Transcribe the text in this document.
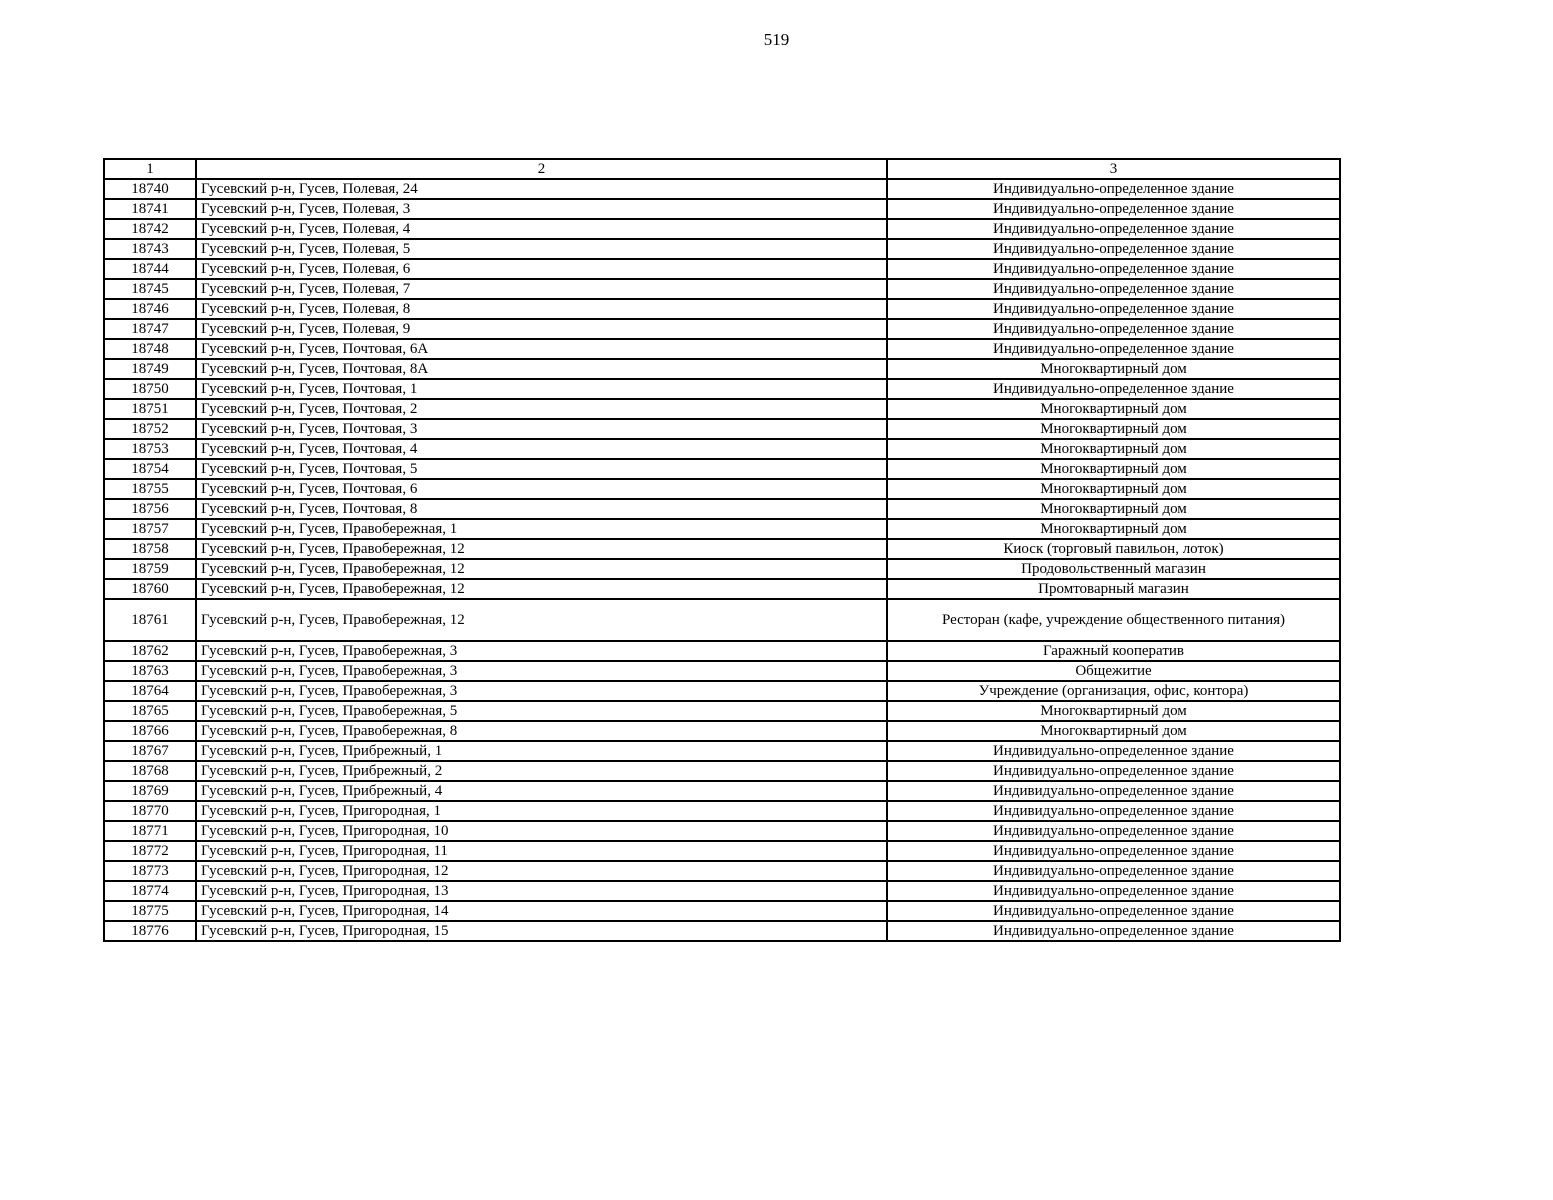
519
1	2	3
18740	Гусевский р-н, Гусев, Полевая, 24	Индивидуально-определенное здание
18741	Гусевский р-н, Гусев, Полевая, 3	Индивидуально-определенное здание
18742	Гусевский р-н, Гусев, Полевая, 4	Индивидуально-определенное здание
18743	Гусевский р-н, Гусев, Полевая, 5	Индивидуально-определенное здание
18744	Гусевский р-н, Гусев, Полевая, 6	Индивидуально-определенное здание
18745	Гусевский р-н, Гусев, Полевая, 7	Индивидуально-определенное здание
18746	Гусевский р-н, Гусев, Полевая, 8	Индивидуально-определенное здание
18747	Гусевский р-н, Гусев, Полевая, 9	Индивидуально-определенное здание
18748	Гусевский р-н, Гусев, Почтовая, 6А	Индивидуально-определенное здание
18749	Гусевский р-н, Гусев, Почтовая, 8А	Многоквартирный дом
18750	Гусевский р-н, Гусев, Почтовая, 1	Индивидуально-определенное здание
18751	Гусевский р-н, Гусев, Почтовая, 2	Многоквартирный дом
18752	Гусевский р-н, Гусев, Почтовая, 3	Многоквартирный дом
18753	Гусевский р-н, Гусев, Почтовая, 4	Многоквартирный дом
18754	Гусевский р-н, Гусев, Почтовая, 5	Многоквартирный дом
18755	Гусевский р-н, Гусев, Почтовая, 6	Многоквартирный дом
18756	Гусевский р-н, Гусев, Почтовая, 8	Многоквартирный дом
18757	Гусевский р-н, Гусев, Правобережная, 1	Многоквартирный дом
18758	Гусевский р-н, Гусев, Правобережная, 12	Киоск (торговый павильон, лоток)
18759	Гусевский р-н, Гусев, Правобережная, 12	Продовольственный магазин
18760	Гусевский р-н, Гусев, Правобережная, 12	Промтоварный магазин
18761	Гусевский р-н, Гусев, Правобережная, 12	Ресторан (кафе, учреждение общественного питания)
18762	Гусевский р-н, Гусев, Правобережная, 3	Гаражный кооператив
18763	Гусевский р-н, Гусев, Правобережная, 3	Общежитие
18764	Гусевский р-н, Гусев, Правобережная, 3	Учреждение (организация, офис, контора)
18765	Гусевский р-н, Гусев, Правобережная, 5	Многоквартирный дом
18766	Гусевский р-н, Гусев, Правобережная, 8	Многоквартирный дом
18767	Гусевский р-н, Гусев, Прибрежный, 1	Индивидуально-определенное здание
18768	Гусевский р-н, Гусев, Прибрежный, 2	Индивидуально-определенное здание
18769	Гусевский р-н, Гусев, Прибрежный, 4	Индивидуально-определенное здание
18770	Гусевский р-н, Гусев, Пригородная, 1	Индивидуально-определенное здание
18771	Гусевский р-н, Гусев, Пригородная, 10	Индивидуально-определенное здание
18772	Гусевский р-н, Гусев, Пригородная, 11	Индивидуально-определенное здание
18773	Гусевский р-н, Гусев, Пригородная, 12	Индивидуально-определенное здание
18774	Гусевский р-н, Гусев, Пригородная, 13	Индивидуально-определенное здание
18775	Гусевский р-н, Гусев, Пригородная, 14	Индивидуально-определенное здание
18776	Гусевский р-н, Гусев, Пригородная, 15	Индивидуально-определенное здание
